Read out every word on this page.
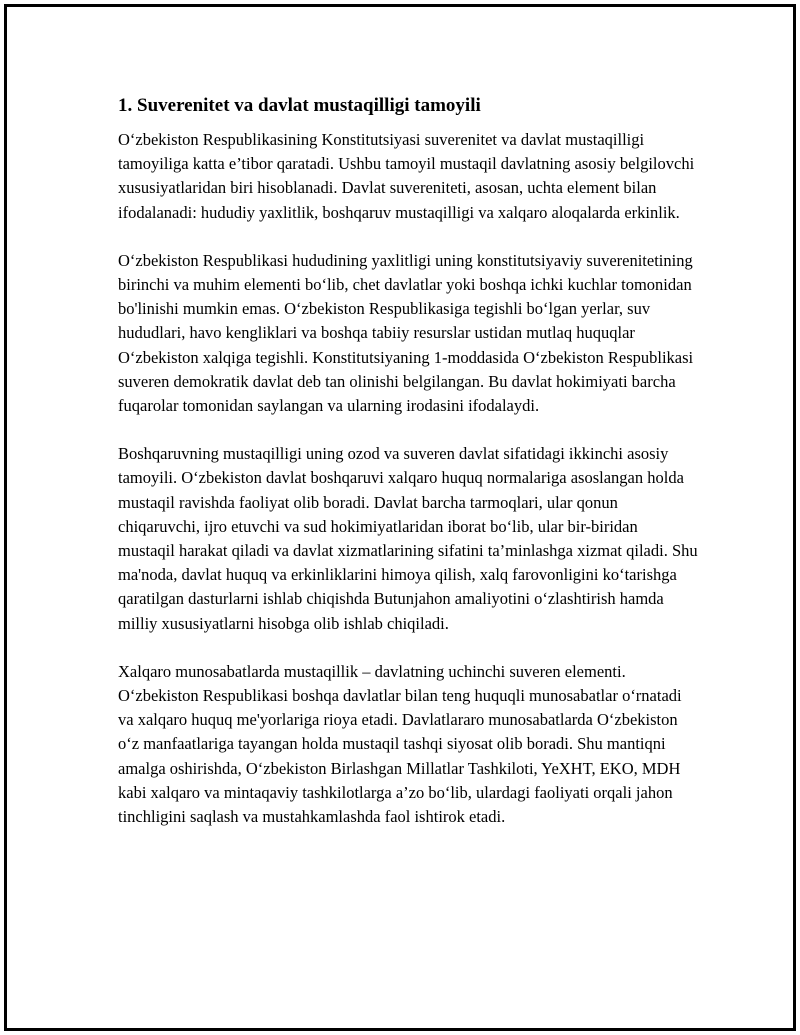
1. Suverenitet va davlat mustaqilligi tamoyili

O‘zbekiston Respublikasining Konstitutsiyasi suverenitet va davlat mustaqilligi tamoyiliga katta e’tibor qaratadi. Ushbu tamoyil mustaqil davlatning asosiy belgilovchi xususiyatlaridan biri hisoblanadi. Davlat suvereniteti, asosan, uchta element bilan ifodalanadi: hududiy yaxlitlik, boshqaruv mustaqilligi va xalqaro aloqalarda erkinlik.

O‘zbekiston Respublikasi hududining yaxlitligi uning konstitutsiyaviy suverenitetining birinchi va muhim elementi bo‘lib, chet davlatlar yoki boshqa ichki kuchlar tomonidan bo'linishi mumkin emas. O‘zbekiston Respublikasiga tegishli bo‘lgan yerlar, suv hududlari, havo kengliklari va boshqa tabiiy resurslar ustidan mutlaq huquqlar O‘zbekiston xalqiga tegishli. Konstitutsiyaning 1-moddasida O‘zbekiston Respublikasi suveren demokratik davlat deb tan olinishi belgilangan. Bu davlat hokimiyati barcha fuqarolar tomonidan saylangan va ularning irodasini ifodalaydi.

Boshqaruvning mustaqilligi uning ozod va suveren davlat sifatidagi ikkinchi asosiy tamoyili. O‘zbekiston davlat boshqaruvi xalqaro huquq normalariga asoslangan holda mustaqil ravishda faoliyat olib boradi. Davlat barcha tarmoqlari, ular qonun chiqaruvchi, ijro etuvchi va sud hokimiyatlaridan iborat bo‘lib, ular bir-biridan mustaqil harakat qiladi va davlat xizmatlarining sifatini ta’minlashga xizmat qiladi. Shu ma'noda, davlat huquq va erkinliklarini himoya qilish, xalq farovonligini ko‘tarishga qaratilgan dasturlarni ishlab chiqishda Butunjahon amaliyotini o‘zlashtirish hamda milliy xususiyatlarni hisobga olib ishlab chiqiladi.

Xalqaro munosabatlarda mustaqillik – davlatning uchinchi suveren elementi. O‘zbekiston Respublikasi boshqa davlatlar bilan teng huquqli munosabatlar o‘rnatadi va xalqaro huquq me'yorlariga rioya etadi. Davlatlararo munosabatlarda O‘zbekiston o‘z manfaatlariga tayangan holda mustaqil tashqi siyosat olib boradi. Shu mantiqni amalga oshirishda, O‘zbekiston Birlashgan Millatlar Tashkiloti, YeXHT, EKO, MDH kabi xalqaro va mintaqaviy tashkilotlarga a’zo bo‘lib, ulardagi faoliyati orqali jahon tinchligini saqlash va mustahkamlashda faol ishtirok etadi.
